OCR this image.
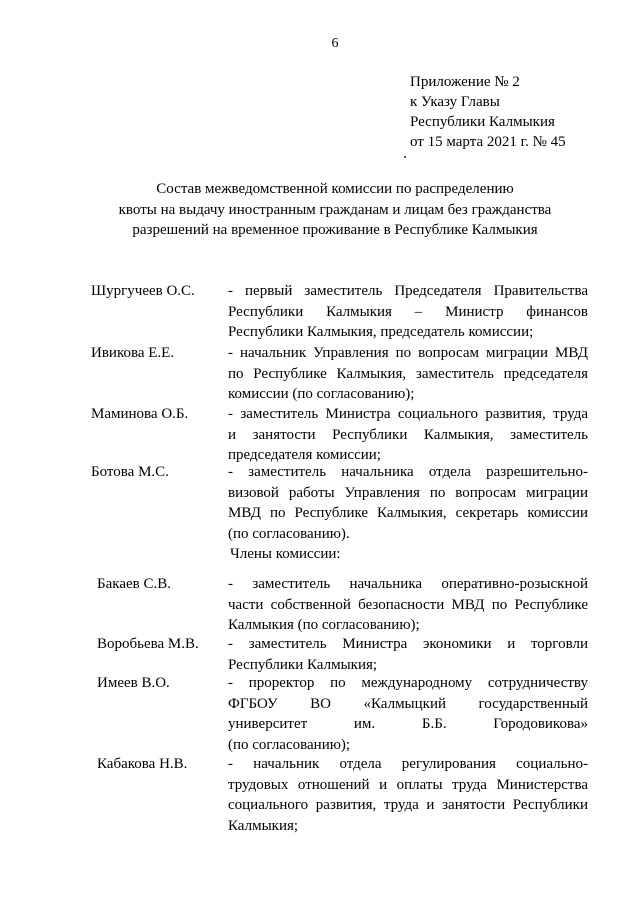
6
Приложение № 2
к Указу Главы
Республики Калмыкия
от 15 марта 2021 г. № 45
Состав межведомственной комиссии по распределению
квоты на выдачу иностранным гражданам и лицам без гражданства
разрешений на временное проживание в Республике Калмыкия
Шургучеев О.С. - первый заместитель Председателя Правительства
Республики Калмыкия – Министр финансов
Республики Калмыкия, председатель комиссии;
Ивикова Е.Е.	- начальник Управления по вопросам миграции МВД
по Республике Калмыкия, заместитель председателя
комиссии (по согласованию);
Маминова О.Б.	- заместитель Министра социального развития, труда
и занятости Республики Калмыкия, заместитель
председателя комиссии;
Ботова М.С.	- заместитель начальника отдела разрешительно-
визовой работы Управления по вопросам миграции
МВД по Республике Калмыкия, секретарь комиссии
(по согласованию).
Члены комиссии:
Бакаев С.В.	- заместитель начальника оперативно-розыскной
части собственной безопасности МВД по Республике
Калмыкия (по согласованию);
Воробьева М.В. - заместитель Министра экономики и торговли
Республики Калмыкия;
Имеев В.О.	- проректор по международному сотрудничеству
ФГБОУ ВО «Калмыцкий государственный
университет им. Б.Б. Городовикова»
(по согласованию);
Кабакова Н.В.	- начальник отдела регулирования социально-
трудовых отношений и оплаты труда Министерства
социального развития, труда и занятости Республики
Калмыкия;
